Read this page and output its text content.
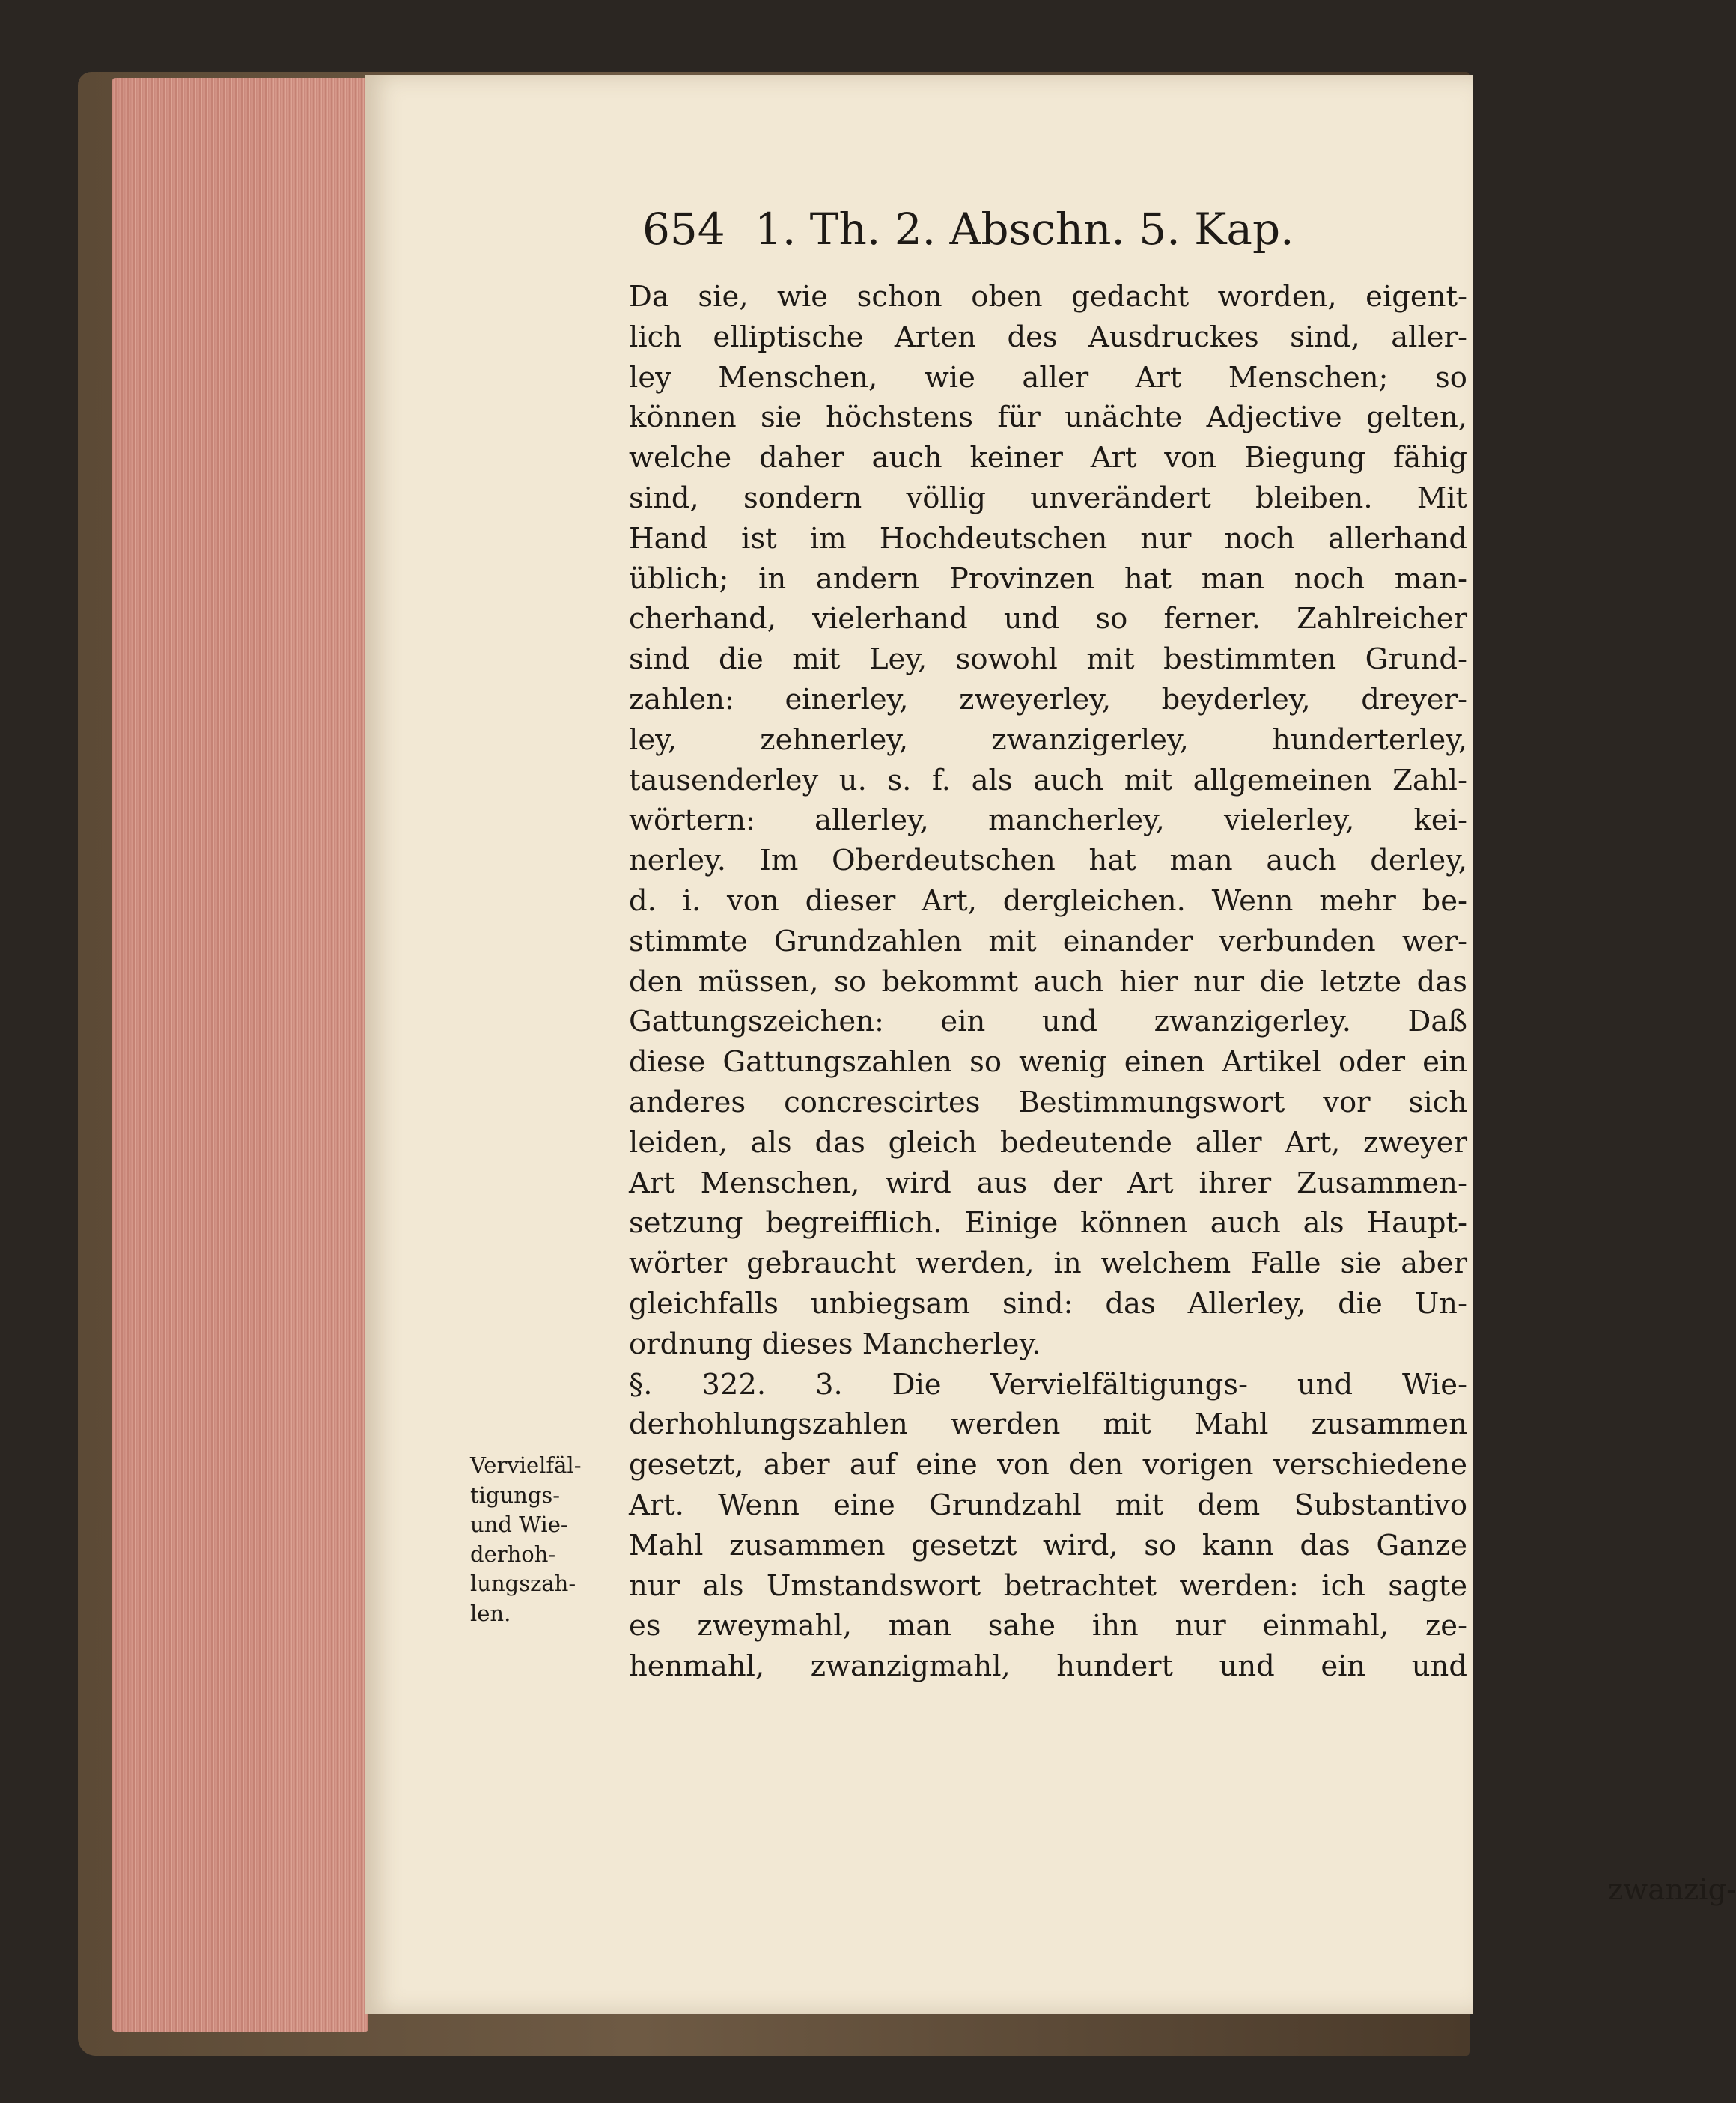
654 1. Th. 2. Abschn. 5. Kap.
Da sie, wie schon oben gedacht worden, eigent-
lich elliptische Arten des Ausdruckes sind, aller-
ley Menschen, wie aller Art Menschen; so
können sie höchstens für unächte Adjective gelten,
welche daher auch keiner Art von Biegung fähig
sind, sondern völlig unverändert bleiben. Mit
Hand ist im Hochdeutschen nur noch allerhand
üblich; in andern Provinzen hat man noch man-
cherhand, vielerhand und so ferner. Zahlreicher
sind die mit Ley, sowohl mit bestimmten Grund-
zahlen: einerley, zweyerley, beyderley, dreyer-
ley, zehnerley, zwanzigerley, hunderterley,
tausenderley u. s. f. als auch mit allgemeinen Zahl-
wörtern: allerley, mancherley, vielerley, kei-
nerley. Im Oberdeutschen hat man auch derley,
d. i. von dieser Art, dergleichen. Wenn mehr be-
stimmte Grundzahlen mit einander verbunden wer-
den müssen, so bekommt auch hier nur die letzte das
Gattungszeichen: ein und zwanzigerley. Daß
diese Gattungszahlen so wenig einen Artikel oder ein
anderes concrescirtes Bestimmungswort vor sich
leiden, als das gleich bedeutende aller Art, zweyer
Art Menschen, wird aus der Art ihrer Zusammen-
setzung begreifflich. Einige können auch als Haupt-
wörter gebraucht werden, in welchem Falle sie aber
gleichfalls unbiegsam sind: das Allerley, die Un-
ordnung dieses Mancherley.
§. 322. 3. Die Vervielfältigungs- und Wie-
derhohlungszahlen werden mit Mahl zusammen
gesetzt, aber auf eine von den vorigen verschiedene
Art. Wenn eine Grundzahl mit dem Substantivo
Mahl zusammen gesetzt wird, so kann das Ganze
nur als Umstandswort betrachtet werden: ich sagte
es zweymahl, man sahe ihn nur einmahl, ze-
henmahl, zwanzigmahl, hundert und ein und
zwanzig-
Vervielfäl-
tigungs-
und Wie-
derhoh-
lungszah-
len.
